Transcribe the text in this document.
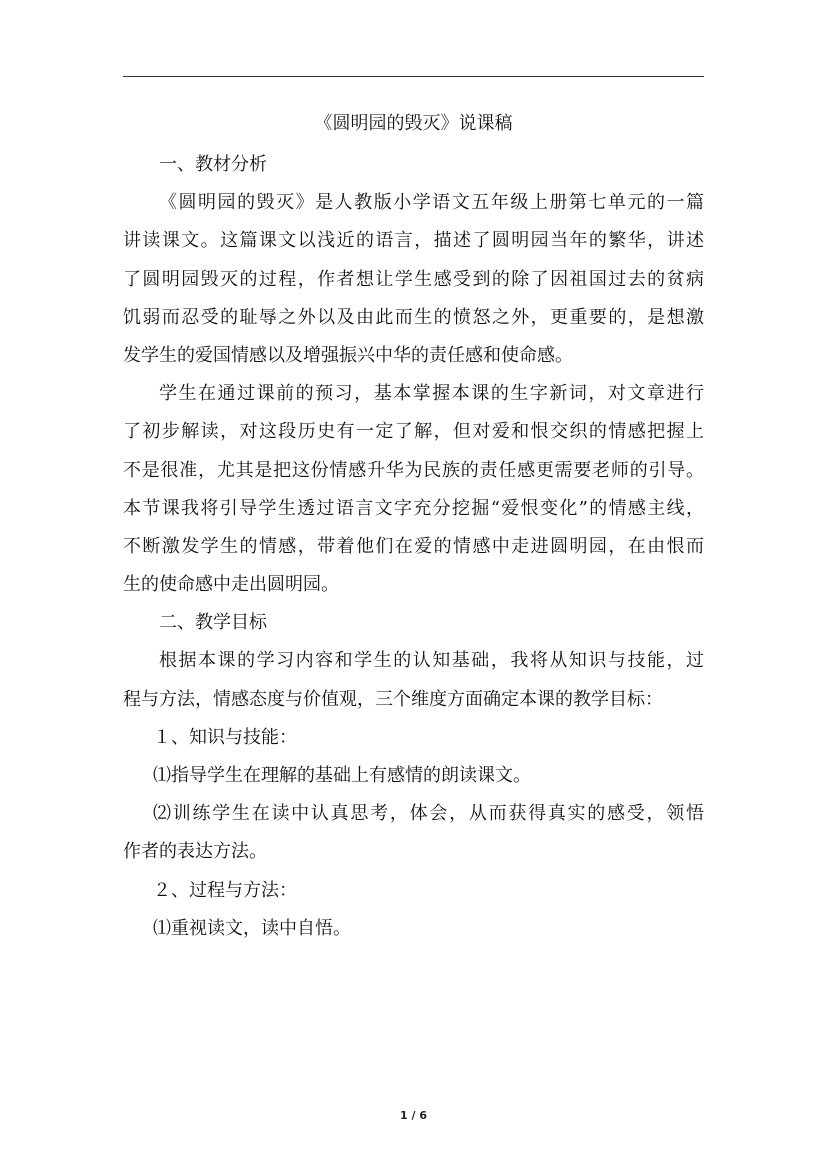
《圆明园的毁灭》说课稿

一、教材分析

《圆明园的毁灭》是人教版小学语文五年级上册第七单元的一篇
讲读课文。这篇课文以浅近的语言，描述了圆明园当年的繁华，讲述
了圆明园毁灭的过程，作者想让学生感受到的除了因祖国过去的贫病
饥弱而忍受的耻辱之外以及由此而生的愤怒之外，更重要的，是想激
发学生的爱国情感以及增强振兴中华的责任感和使命感。
学生在通过课前的预习，基本掌握本课的生字新词，对文章进行
了初步解读，对这段历史有一定了解，但对爱和恨交织的情感把握上
不是很准，尤其是把这份情感升华为民族的责任感更需要老师的引导。
本节课我将引导学生透过语言文字充分挖掘“爱恨变化”的情感主线，
不断激发学生的情感，带着他们在爱的情感中走进圆明园，在由恨而
生的使命感中走出圆明园。

二、教学目标

根据本课的学习内容和学生的认知基础，我将从知识与技能，过
程与方法，情感态度与价值观，三个维度方面确定本课的教学目标：

１、知识与技能：

⑴指导学生在理解的基础上有感情的朗读课文。

⑵训练学生在读中认真思考，体会，从而获得真实的感受，领悟
作者的表达方法。

２、过程与方法：

⑴重视读文，读中自悟。

1 / 6
